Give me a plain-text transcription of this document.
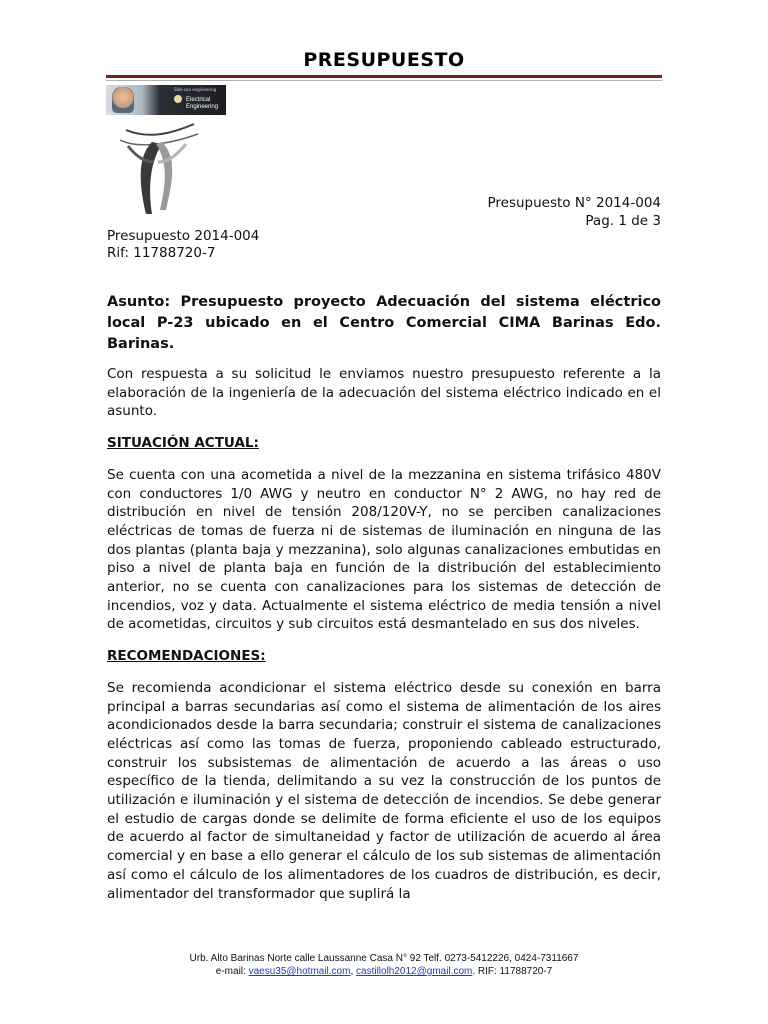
PRESUPUESTO
Sólo con engineering
Electrical
Engineering
Presupuesto N° 2014-004
Pag. 1 de 3
Presupuesto 2014-004
Rif: 11788720-7

Asunto: Presupuesto proyecto Adecuación del sistema eléctrico local P-23 ubicado en el Centro Comercial CIMA Barinas Edo. Barinas.

Con respuesta a su solicitud le enviamos nuestro presupuesto referente a la elaboración de la ingeniería de la adecuación del sistema eléctrico indicado en el asunto.

SITUACIÓN ACTUAL:

Se cuenta con una acometida a nivel de la mezzanina en sistema trifásico 480V con conductores 1/0 AWG y neutro en conductor N° 2 AWG, no hay red de distribución en nivel de tensión 208/120V-Y, no se perciben canalizaciones eléctricas de tomas de fuerza ni de sistemas de iluminación en ninguna de las dos plantas (planta baja y mezzanina), solo algunas canalizaciones embutidas en piso a nivel de planta baja en función de la distribución del establecimiento anterior, no se cuenta con canalizaciones para los sistemas de detección de incendios, voz y data. Actualmente el sistema eléctrico de media tensión a nivel de acometidas, circuitos y sub circuitos está desmantelado en sus dos niveles.

RECOMENDACIONES:

Se recomienda acondicionar el sistema eléctrico desde su conexión en barra principal a barras secundarias así como el sistema de alimentación de los aires acondicionados desde la barra secundaria; construir el sistema de canalizaciones eléctricas así como las tomas de fuerza, proponiendo cableado estructurado, construir los subsistemas de alimentación de acuerdo a las áreas o uso específico de la tienda, delimitando a su vez la construcción de los puntos de utilización e iluminación y el sistema de detección de incendios. Se debe generar el estudio de cargas donde se delimite de forma eficiente el uso de los equipos de acuerdo al factor de simultaneidad y factor de utilización de acuerdo al área comercial y en base a ello generar el cálculo de los sub sistemas de alimentación así como el cálculo de los alimentadores de los cuadros de distribución, es decir, alimentador del transformador que suplirá la

Urb. Alto Barinas Norte calle Laussanne Casa N° 92 Telf. 0273-5412226, 0424-7311667
e-mail: vaesu35@hotmail.com, castillolh2012@gmail.com. RIF: 11788720-7
